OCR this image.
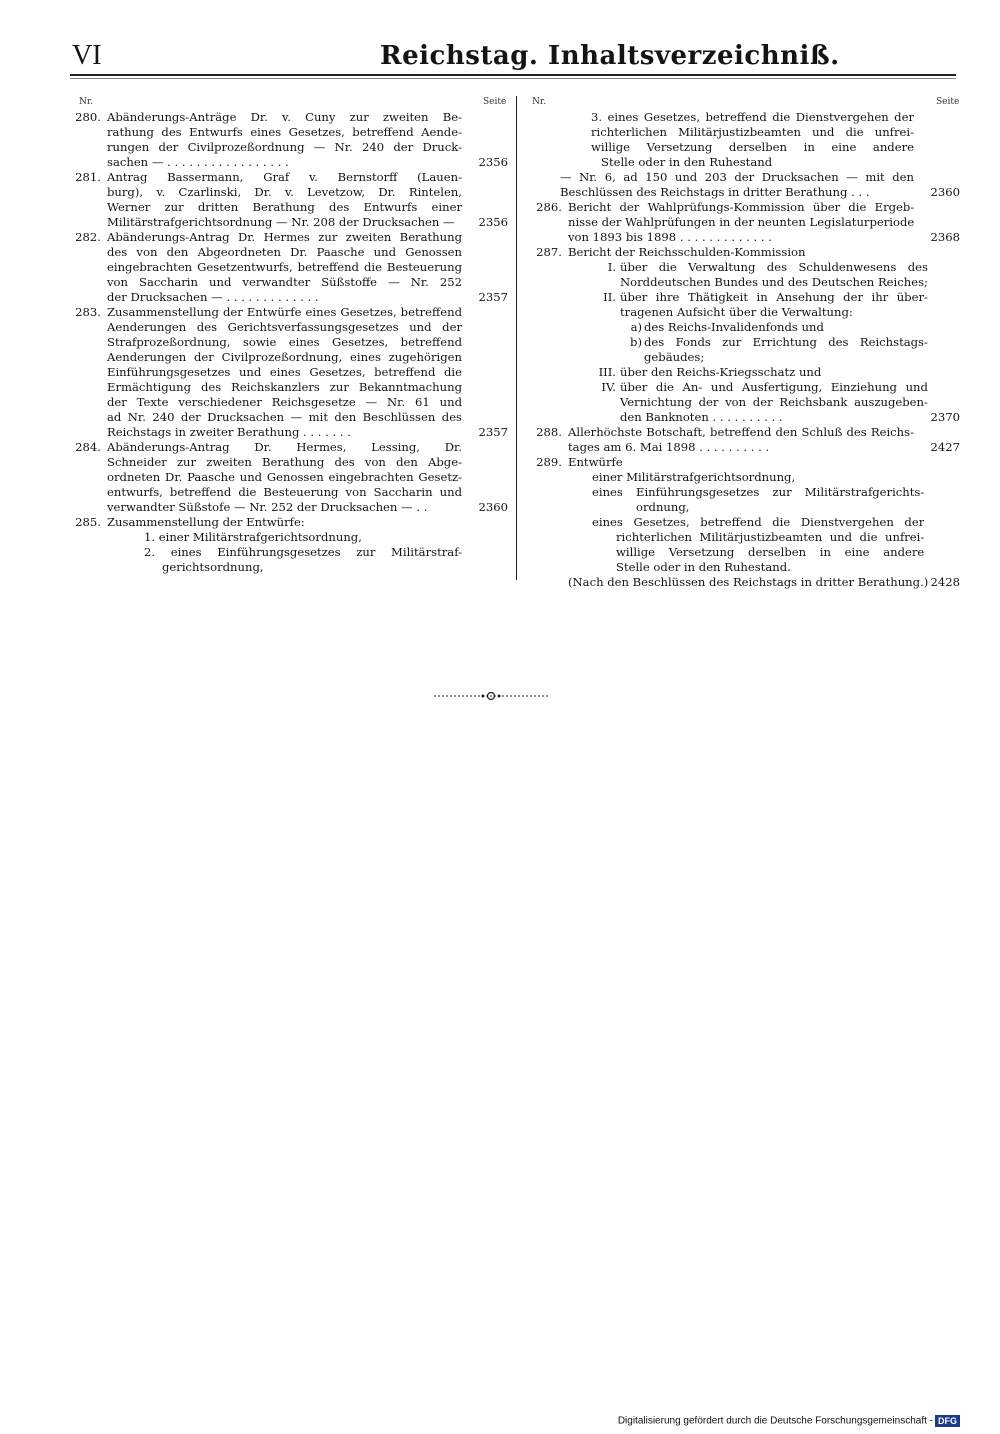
VI	Reichstag. Inhaltsverzeichniß.
Nr.	Seite	Nr.	Seite
280. Abänderungs-Anträge Dr. v. Cuny zur zweiten Be-
rathung des Entwurfs eines Gesetzes, betreffend Aende-
rungen der Civilprozeßordnung — Nr. 240 der Druck-
sachen — . . . . . . . . . . . . . . . . .	2356
281. Antrag Bassermann, Graf v. Bernstorff (Lauen-
burg), v. Czarlinski, Dr. v. Levetzow, Dr. Rintelen,
Werner zur dritten Berathung des Entwurfs einer
Militärstrafgerichtsordnung — Nr. 208 der Drucksachen —	2356
282. Abänderungs-Antrag Dr. Hermes zur zweiten Berathung
des von den Abgeordneten Dr. Paasche und Genossen
eingebrachten Gesetzentwurfs, betreffend die Besteuerung
von Saccharin und verwandter Süßstoffe — Nr. 252
der Drucksachen — . . . . . . . . . . . . .	2357
283. Zusammenstellung der Entwürfe eines Gesetzes, betreffend
Aenderungen des Gerichtsverfassungsgesetzes und der
Strafprozeßordnung, sowie eines Gesetzes, betreffend
Aenderungen der Civilprozeßordnung, eines zugehörigen
Einführungsgesetzes und eines Gesetzes, betreffend die
Ermächtigung des Reichskanzlers zur Bekanntmachung
der Texte verschiedener Reichsgesetze — Nr. 61 und
ad Nr. 240 der Drucksachen — mit den Beschlüssen des
Reichstags in zweiter Berathung . . . . . . .	2357
284. Abänderungs-Antrag Dr. Hermes, Lessing, Dr.
Schneider zur zweiten Berathung des von den Abge-
ordneten Dr. Paasche und Genossen eingebrachten Gesetz-
entwurfs, betreffend die Besteuerung von Saccharin und
verwandter Süßstofe — Nr. 252 der Drucksachen — . .	2360
285. Zusammenstellung der Entwürfe:
1. einer Militärstrafgerichtsordnung,
2. eines Einführungsgesetzes zur Militärstraf-
gerichtsordnung,
3. eines Gesetzes, betreffend die Dienstvergehen der
richterlichen Militärjustizbeamten und die unfrei-
willige Versetzung derselben in eine andere
Stelle oder in den Ruhestand
— Nr. 6, ad 150 und 203 der Drucksachen — mit den
Beschlüssen des Reichstags in dritter Berathung . . .	2360
286. Bericht der Wahlprüfungs-Kommission über die Ergeb-
nisse der Wahlprüfungen in der neunten Legislaturperiode
von 1893 bis 1898 . . . . . . . . . . . . .	2368
287. Bericht der Reichsschulden-Kommission
I. über die Verwaltung des Schuldenwesens des
Norddeutschen Bundes und des Deutschen Reiches;
II. über ihre Thätigkeit in Ansehung der ihr über-
tragenen Aufsicht über die Verwaltung:
a) des Reichs-Invalidenfonds und
b) des Fonds zur Errichtung des Reichstags-
gebäudes;
III. über den Reichs-Kriegsschatz und
IV. über die An- und Ausfertigung, Einziehung und
Vernichtung der von der Reichsbank auszugeben-
den Banknoten . . . . . . . . . .	2370
288. Allerhöchste Botschaft, betreffend den Schluß des Reichs-
tages am 6. Mai 1898 . . . . . . . . . .	2427
289. Entwürfe
einer Militärstrafgerichtsordnung,
eines Einführungsgesetzes zur Militärstrafgerichts-
ordnung,
eines Gesetzes, betreffend die Dienstvergehen der
richterlichen Militärjustizbeamten und die unfrei-
willige Versetzung derselben in eine andere
Stelle oder in den Ruhestand.
(Nach den Beschlüssen des Reichstags in dritter Berathung.) 2428
Digitalisierung gefördert durch die Deutsche Forschungsgemeinschaft - DFG
